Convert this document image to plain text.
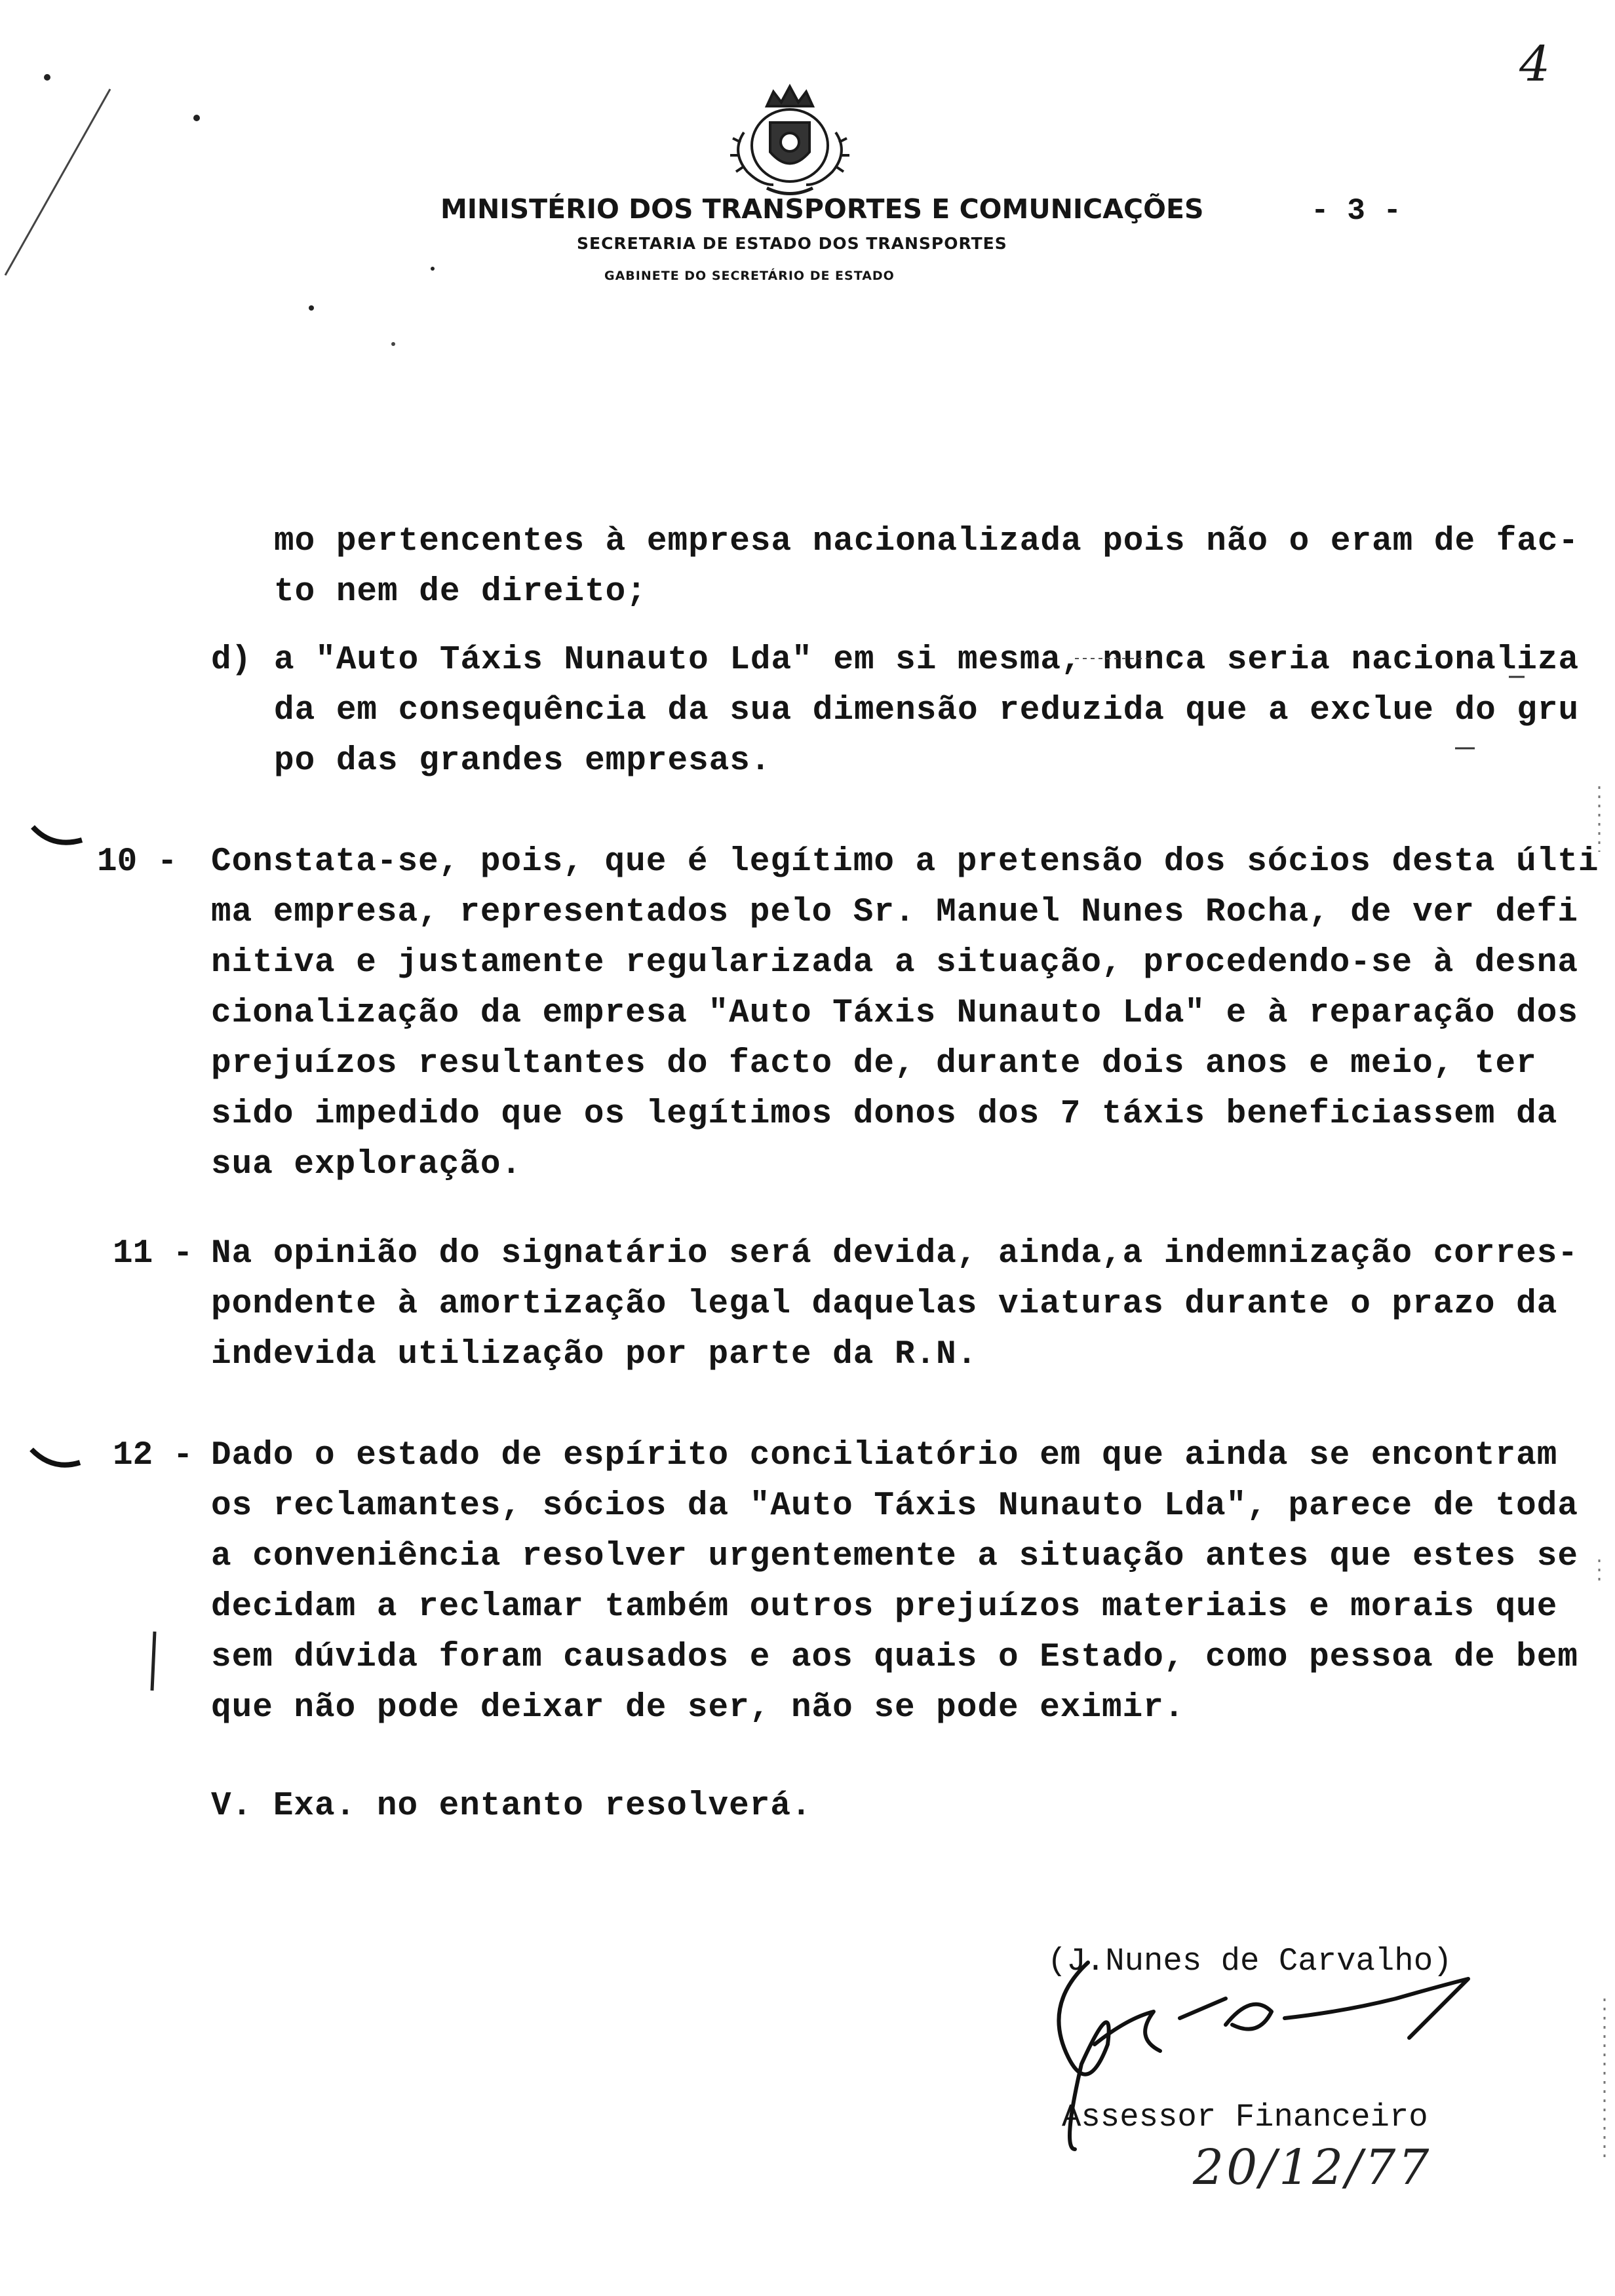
4
MINISTÉRIO DOS TRANSPORTES E COMUNICAÇÕES
SECRETARIA DE ESTADO DOS TRANSPORTES
GABINETE DO SECRETÁRIO DE ESTADO
- 3 -
mo pertencentes à empresa nacionalizada pois não o eram de fac-
to nem de direito;
d) a "Auto Táxis Nunauto Lda" em si mesma, nunca seria nacionaliza
da em consequência da sua dimensão reduzida que a exclue do gru
po das grandes empresas.
10 - Constata-se, pois, que é legítimo a pretensão dos sócios desta últi
ma empresa, representados pelo Sr. Manuel Nunes Rocha, de ver defi
nitiva e justamente regularizada a situação, procedendo-se à desna
cionalização da empresa "Auto Táxis Nunauto Lda" e à reparação dos
prejuízos resultantes do facto de, durante dois anos e meio, ter
sido impedido que os legítimos donos dos 7 táxis beneficiassem da
sua exploração.
11 - Na opinião do signatário será devida, ainda,a indemnização corres-
pondente à amortização legal daquelas viaturas durante o prazo da
indevida utilização por parte da R.N.
12 - Dado o estado de espírito conciliatório em que ainda se encontram
os reclamantes, sócios da "Auto Táxis Nunauto Lda", parece de toda
a conveniência resolver urgentemente a situação antes que estes se
decidam a reclamar também outros prejuízos materiais e morais que
sem dúvida foram causados e aos quais o Estado, como pessoa de bem
que não pode deixar de ser, não se pode eximir.
V. Exa. no entanto resolverá.
(J.Nunes de Carvalho)
Assessor Financeiro
20/12/77
